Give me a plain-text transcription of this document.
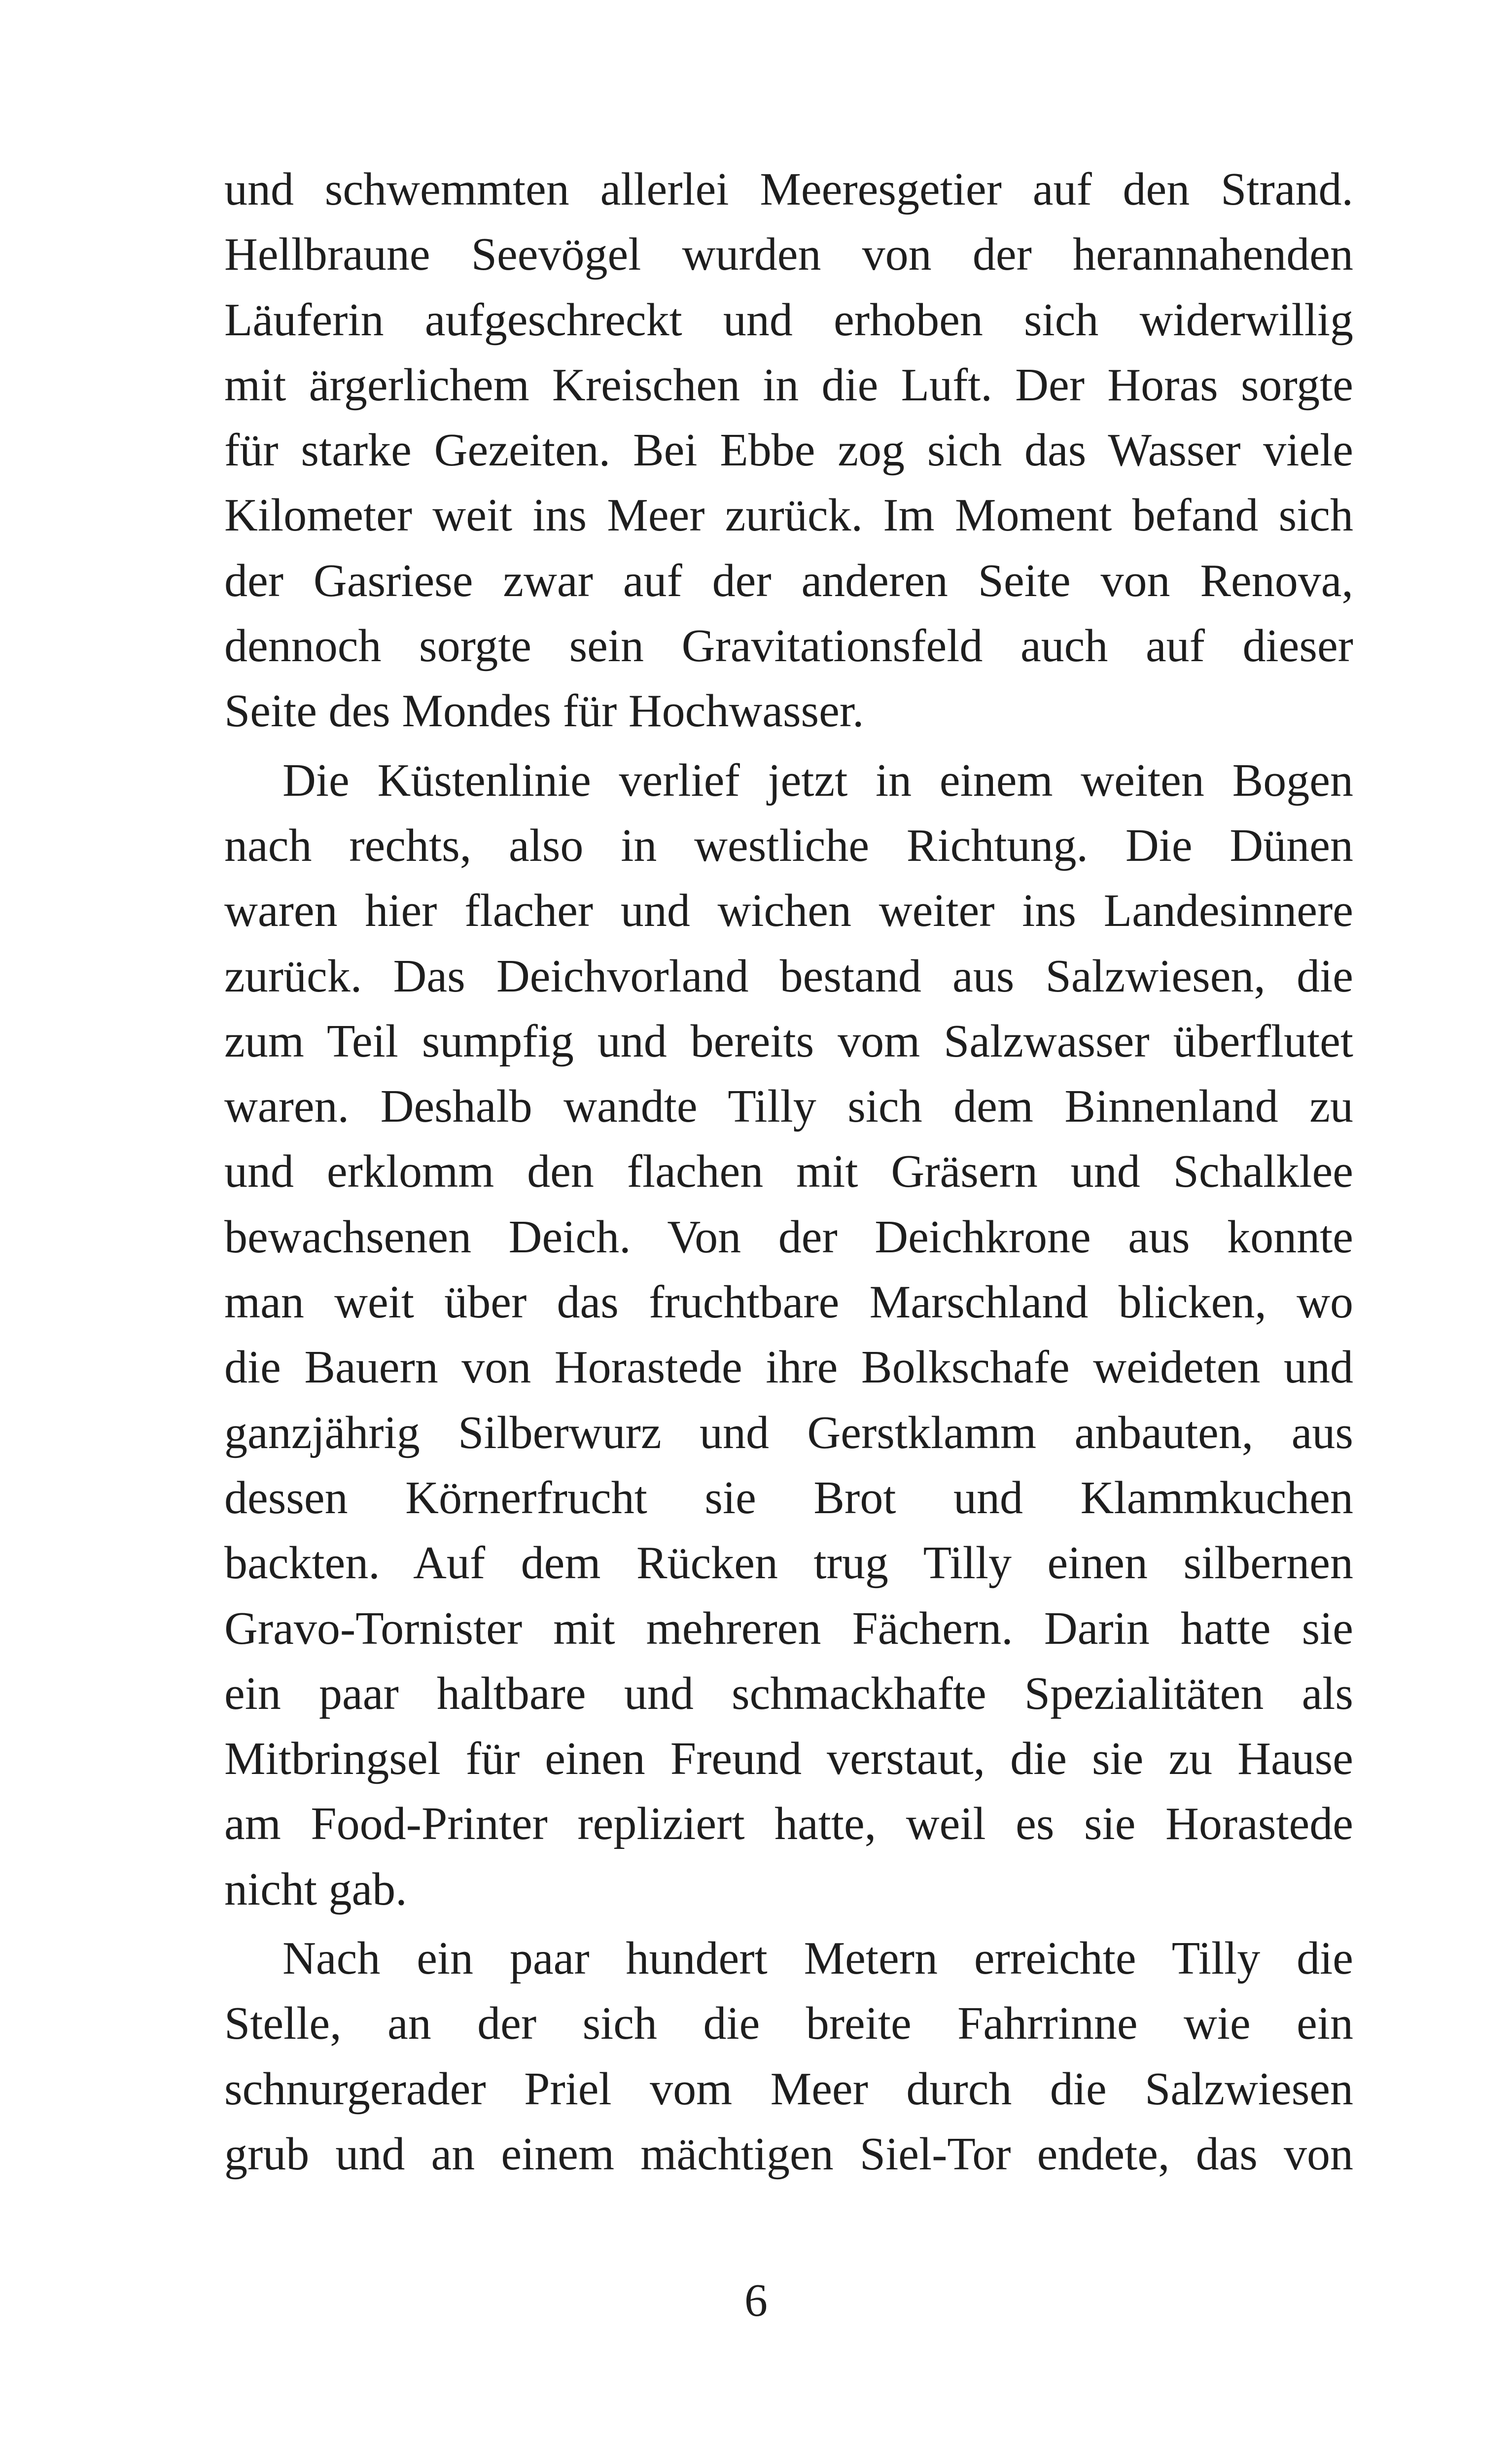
und schwemmten allerlei Meeresgetier auf den Strand.
Hellbraune Seevögel wurden von der herannahenden
Läuferin aufgeschreckt und erhoben sich widerwillig
mit ärgerlichem Kreischen in die Luft. Der Horas sorgte
für starke Gezeiten. Bei Ebbe zog sich das Wasser viele
Kilometer weit ins Meer zurück. Im Moment befand sich
der Gasriese zwar auf der anderen Seite von Renova,
dennoch sorgte sein Gravitationsfeld auch auf dieser
Seite des Mondes für Hochwasser.
Die Küstenlinie verlief jetzt in einem weiten Bogen
nach rechts, also in westliche Richtung. Die Dünen
waren hier flacher und wichen weiter ins Landesinnere
zurück. Das Deichvorland bestand aus Salzwiesen, die
zum Teil sumpfig und bereits vom Salzwasser überflutet
waren. Deshalb wandte Tilly sich dem Binnenland zu
und erklomm den flachen mit Gräsern und Schalklee
bewachsenen Deich. Von der Deichkrone aus konnte
man weit über das fruchtbare Marschland blicken, wo
die Bauern von Horastede ihre Bolkschafe weideten und
ganzjährig Silberwurz und Gerstklamm anbauten, aus
dessen Körnerfrucht sie Brot und Klammkuchen
backten. Auf dem Rücken trug Tilly einen silbernen
Gravo-Tornister mit mehreren Fächern. Darin hatte sie
ein paar haltbare und schmackhafte Spezialitäten als
Mitbringsel für einen Freund verstaut, die sie zu Hause
am Food-Printer repliziert hatte, weil es sie Horastede
nicht gab.
Nach ein paar hundert Metern erreichte Tilly die
Stelle, an der sich die breite Fahrrinne wie ein
schnurgerader Priel vom Meer durch die Salzwiesen
grub und an einem mächtigen Siel-Tor endete, das von
6
